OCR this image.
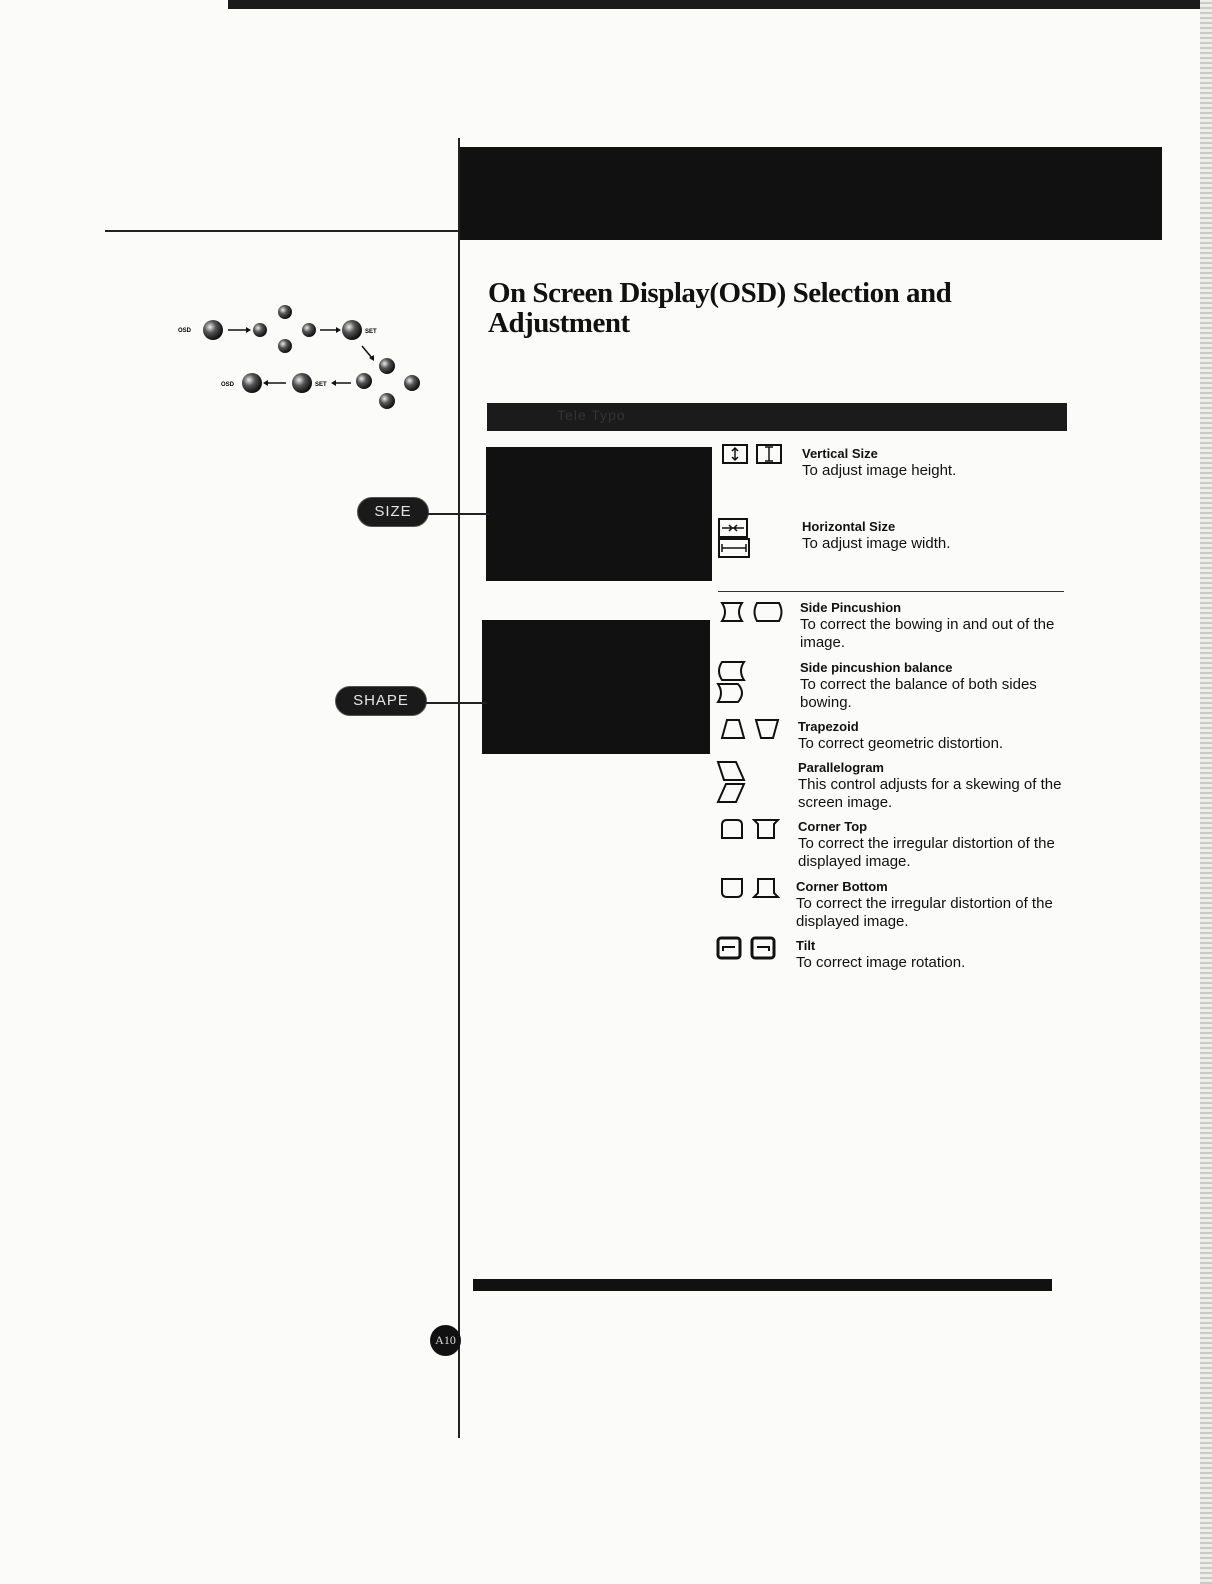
On Screen Display(OSD) Selection and Adjustment
OSD	SET
OSD	SET
Tele Typo
SIZE
SHAPE

Vertical Size
To adjust image height.

Horizontal Size
To adjust image width.

Side Pincushion
To correct the bowing in and out of the image.

Side pincushion balance
To correct the balance of both sides bowing.

Trapezoid
To correct geometric distortion.

Parallelogram
This control adjusts for a skewing of the screen image.

Corner Top
To correct the irregular distortion of the displayed image.

Corner Bottom
To correct the irregular distortion of the displayed image.

Tilt
To correct image rotation.
A10
